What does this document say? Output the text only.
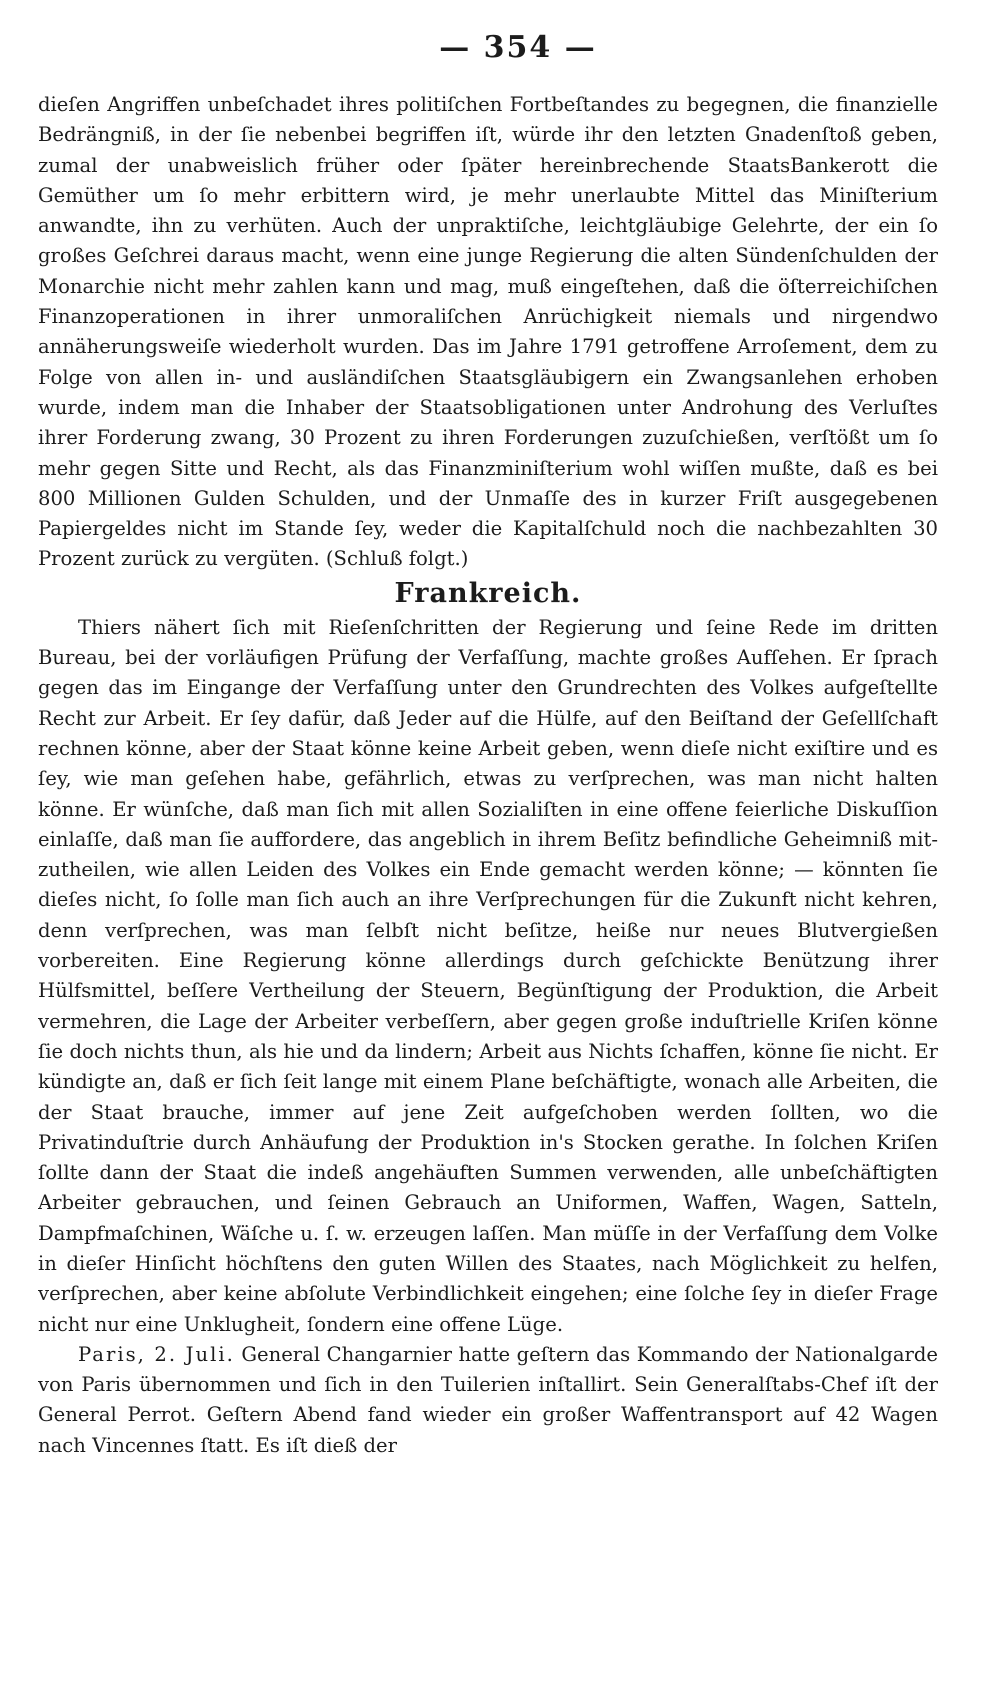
— 354 —

dieſen Angriffen unbeſchadet ihres politiſchen Fortbeſtandes zu begegnen, die finanzielle Bedrängniß, in der ſie nebenbei begriffen iſt, würde ihr den letzten Gnadenſtoß geben, zumal der unabweislich früher oder ſpäter hereinbrechende StaatsBankerott die Gemüther um ſo mehr erbittern wird, je mehr unerlaubte Mittel das Miniſterium anwandte, ihn zu verhüten. Auch der unpraktiſche, leichtgläubige Gelehrte, der ein ſo großes Geſchrei daraus macht, wenn eine junge Regierung die alten Sündenſchulden der Monarchie nicht mehr zahlen kann und mag, muß eingeſtehen, daß die öſterreichiſchen Finanzoperationen in ihrer unmoraliſchen Anrüchigkeit niemals und nirgendwo annäherungsweiſe wiederholt wurden. Das im Jahre 1791 getroffene Arroſement, dem zu Folge von allen in- und ausländiſchen Staatsgläubigern ein Zwangsanlehen erhoben wurde, indem man die Inhaber der Staatsobligationen unter Androhung des Verluſtes ihrer Forderung zwang, 30 Prozent zu ihren Forderungen zuzuſchießen, verſtößt um ſo mehr gegen Sitte und Recht, als das Finanzminiſterium wohl wiſſen mußte, daß es bei 800 Millionen Gulden Schulden, und der Unmaſſe des in kurzer Friſt ausgegebenen Papiergeldes nicht im Stande ſey, weder die Kapitalſchuld noch die nachbezahlten 30 Prozent zurück zu vergüten. (Schluß folgt.)

Frankreich.

Thiers nähert ſich mit Rieſenſchritten der Regierung und ſeine Rede im dritten Bureau, bei der vorläufigen Prüfung der Verfaſſung, machte großes Aufſehen. Er ſprach gegen das im Eingange der Verfaſſung unter den Grundrechten des Volkes aufgeſtellte Recht zur Arbeit. Er ſey dafür, daß Jeder auf die Hülfe, auf den Beiſtand der Geſellſchaft rechnen könne, aber der Staat könne keine Arbeit geben, wenn dieſe nicht exiſtire und es ſey, wie man geſehen habe, gefährlich, etwas zu verſprechen, was man nicht halten könne. Er wünſche, daß man ſich mit allen Sozialiſten in eine offene feierliche Diskuſſion einlaſſe, daß man ſie auffordere, das angeblich in ihrem Beſitz befindliche Geheimniß mitzutheilen, wie allen Leiden des Volkes ein Ende gemacht werden könne; — könnten ſie dieſes nicht, ſo ſolle man ſich auch an ihre Verſprechungen für die Zukunft nicht kehren, denn verſprechen, was man ſelbſt nicht beſitze, heiße nur neues Blutvergießen vorbereiten. Eine Regierung könne allerdings durch geſchickte Benützung ihrer Hülfsmittel, beſſere Vertheilung der Steuern, Begünſtigung der Produktion, die Arbeit vermehren, die Lage der Arbeiter verbeſſern, aber gegen große induſtrielle Kriſen könne ſie doch nichts thun, als hie und da lindern; Arbeit aus Nichts ſchaffen, könne ſie nicht. Er kündigte an, daß er ſich ſeit lange mit einem Plane beſchäftigte, wonach alle Arbeiten, die der Staat brauche, immer auf jene Zeit aufgeſchoben werden ſollten, wo die Privatinduſtrie durch Anhäufung der Produktion in's Stocken gerathe. In ſolchen Kriſen ſollte dann der Staat die indeß angehäuften Summen verwenden, alle unbeſchäftigten Arbeiter gebrauchen, und ſeinen Gebrauch an Uniformen, Waffen, Wagen, Satteln, Dampfmaſchinen, Wäſche u. ſ. w. erzeugen laſſen. Man müſſe in der Verfaſſung dem Volke in dieſer Hinſicht höchſtens den guten Willen des Staates, nach Möglichkeit zu helfen, verſprechen, aber keine abſolute Verbindlichkeit eingehen; eine ſolche ſey in dieſer Frage nicht nur eine Unklugheit, ſondern eine offene Lüge.

Paris, 2. Juli. General Changarnier hatte geſtern das Kommando der Nationalgarde von Paris übernommen und ſich in den Tuilerien inſtallirt. Sein Generalſtabs-Chef iſt der General Perrot. Geſtern Abend fand wieder ein großer Waffentransport auf 42 Wagen nach Vincennes ſtatt. Es iſt dieß der
